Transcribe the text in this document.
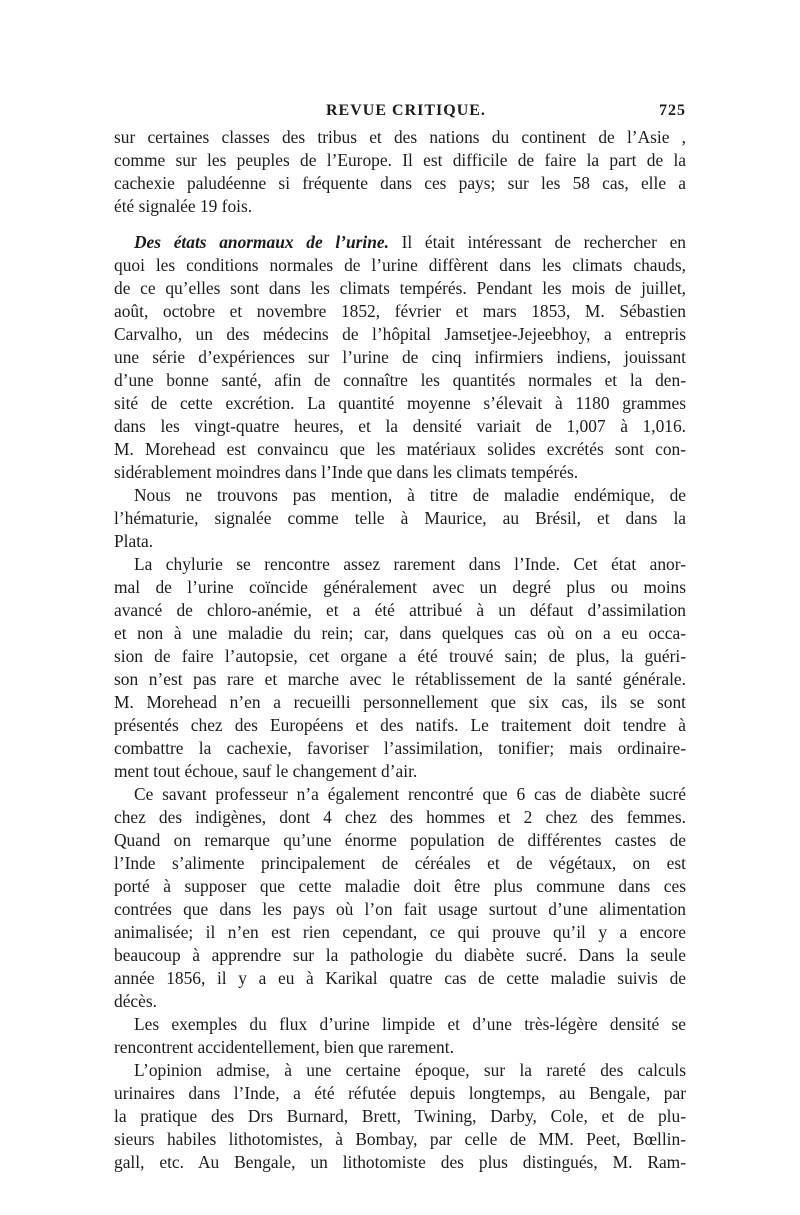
REVUE CRITIQUE.	725

sur certaines classes des tribus et des nations du continent de l’Asie ,
comme sur les peuples de l’Europe. Il est difficile de faire la part de la
cachexie paludéenne si fréquente dans ces pays; sur les 58 cas, elle a
été signalée 19 fois.

Des états anormaux de l’urine. Il était intéressant de rechercher en
quoi les conditions normales de l’urine diffèrent dans les climats chauds,
de ce qu’elles sont dans les climats tempérés. Pendant les mois de juillet,
août, octobre et novembre 1852, février et mars 1853, M. Sébastien
Carvalho, un des médecins de l’hôpital Jamsetjee-Jejeebhoy, a entrepris
une série d’expériences sur l’urine de cinq infirmiers indiens, jouissant
d’une bonne santé, afin de connaître les quantités normales et la den-
sité de cette excrétion. La quantité moyenne s’élevait à 1180 grammes
dans les vingt-quatre heures, et la densité variait de 1,007 à 1,016.
M. Morehead est convaincu que les matériaux solides excrétés sont con-
sidérablement moindres dans l’Inde que dans les climats tempérés.

Nous ne trouvons pas mention, à titre de maladie endémique, de
l’hématurie, signalée comme telle à Maurice, au Brésil, et dans la
Plata.

La chylurie se rencontre assez rarement dans l’Inde. Cet état anor-
mal de l’urine coïncide généralement avec un degré plus ou moins
avancé de chloro-anémie, et a été attribué à un défaut d’assimilation
et non à une maladie du rein; car, dans quelques cas où on a eu occa-
sion de faire l’autopsie, cet organe a été trouvé sain; de plus, la guéri-
son n’est pas rare et marche avec le rétablissement de la santé générale.
M. Morehead n’en a recueilli personnellement que six cas, ils se sont
présentés chez des Européens et des natifs. Le traitement doit tendre à
combattre la cachexie, favoriser l’assimilation, tonifier; mais ordinaire-
ment tout échoue, sauf le changement d’air.

Ce savant professeur n’a également rencontré que 6 cas de diabète sucré
chez des indigènes, dont 4 chez des hommes et 2 chez des femmes.
Quand on remarque qu’une énorme population de différentes castes de
l’Inde s’alimente principalement de céréales et de végétaux, on est
porté à supposer que cette maladie doit être plus commune dans ces
contrées que dans les pays où l’on fait usage surtout d’une alimentation
animalisée; il n’en est rien cependant, ce qui prouve qu’il y a encore
beaucoup à apprendre sur la pathologie du diabète sucré. Dans la seule
année 1856, il y a eu à Karikal quatre cas de cette maladie suivis de
décès.

Les exemples du flux d’urine limpide et d’une très-légère densité se
rencontrent accidentellement, bien que rarement.

L’opinion admise, à une certaine époque, sur la rareté des calculs
urinaires dans l’Inde, a été réfutée depuis longtemps, au Bengale, par
la pratique des Drs Burnard, Brett, Twining, Darby, Cole, et de plu-
sieurs habiles lithotomistes, à Bombay, par celle de MM. Peet, Bœllin-
gall, etc. Au Bengale, un lithotomiste des plus distingués, M. Ram-
